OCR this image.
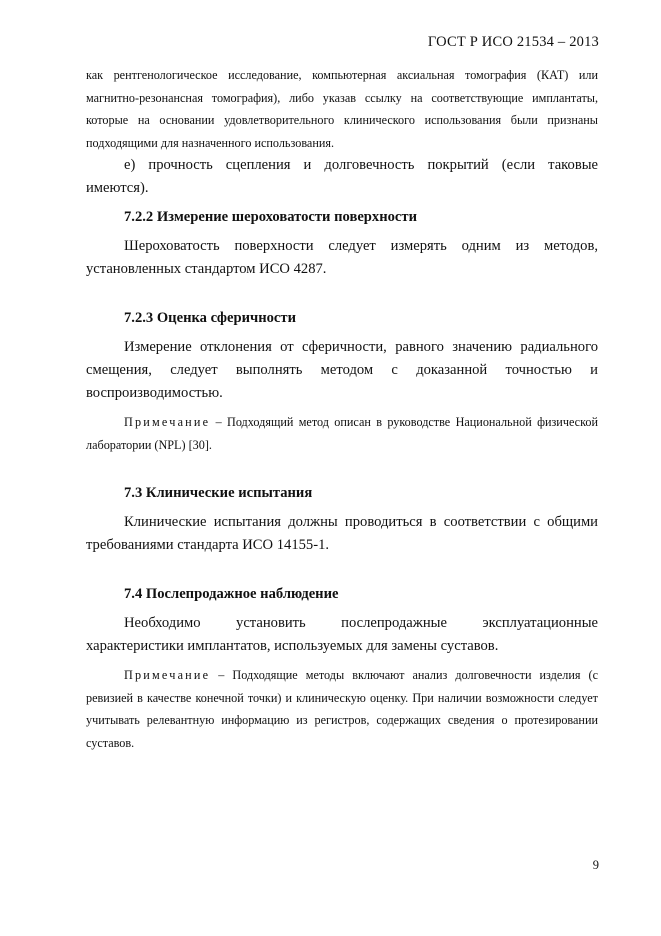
ГОСТ Р ИСО 21534 – 2013

как рентгенологическое исследование, компьютерная аксиальная томография (КАТ) или магнитно-резонансная томография), либо указав ссылку на соответствующие имплантаты, которые на основании удовлетворительного клинического использования были признаны подходящими для назначенного использования.

е) прочность сцепления и долговечность покрытий (если таковые имеются).

7.2.2 Измерение шероховатости поверхности

Шероховатость поверхности следует измерять одним из методов, установленных стандартом ИСО 4287.

7.2.3 Оценка сферичности

Измерение отклонения от сферичности, равного значению радиального смещения, следует выполнять методом с доказанной точностью и воспроизводимостью.

Примечание – Подходящий метод описан в руководстве Национальной физической лаборатории (NPL) [30].

7.3 Клинические испытания

Клинические испытания должны проводиться в соответствии с общими требованиями стандарта ИСО 14155-1.

7.4 Послепродажное наблюдение

Необходимо установить послепродажные эксплуатационные характеристики имплантатов, используемых для замены суставов.

Примечание – Подходящие методы включают анализ долговечности изделия (с ревизией в качестве конечной точки) и клиническую оценку. При наличии возможности следует учитывать релевантную информацию из регистров, содержащих сведения о протезировании суставов.

9
